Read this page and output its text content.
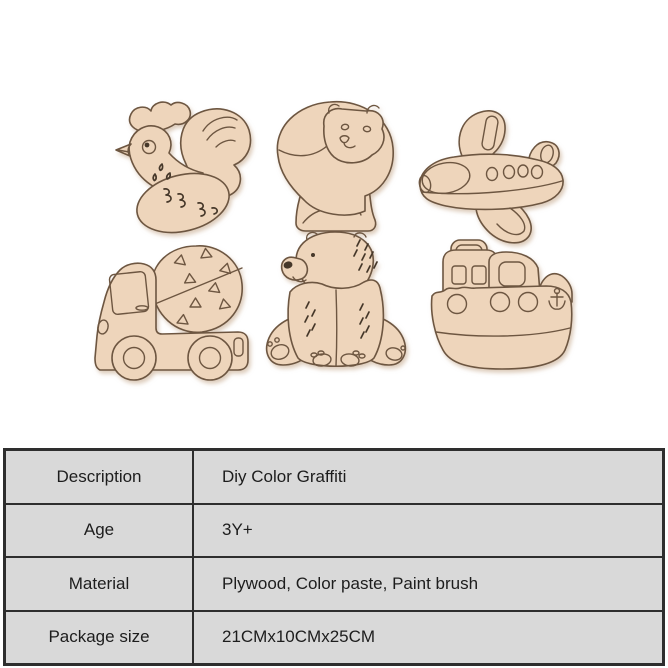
Description	Diy Color Graffiti
Age	3Y+
Material	Plywood, Color paste, Paint brush
Package size	21CMx10CMx25CM
